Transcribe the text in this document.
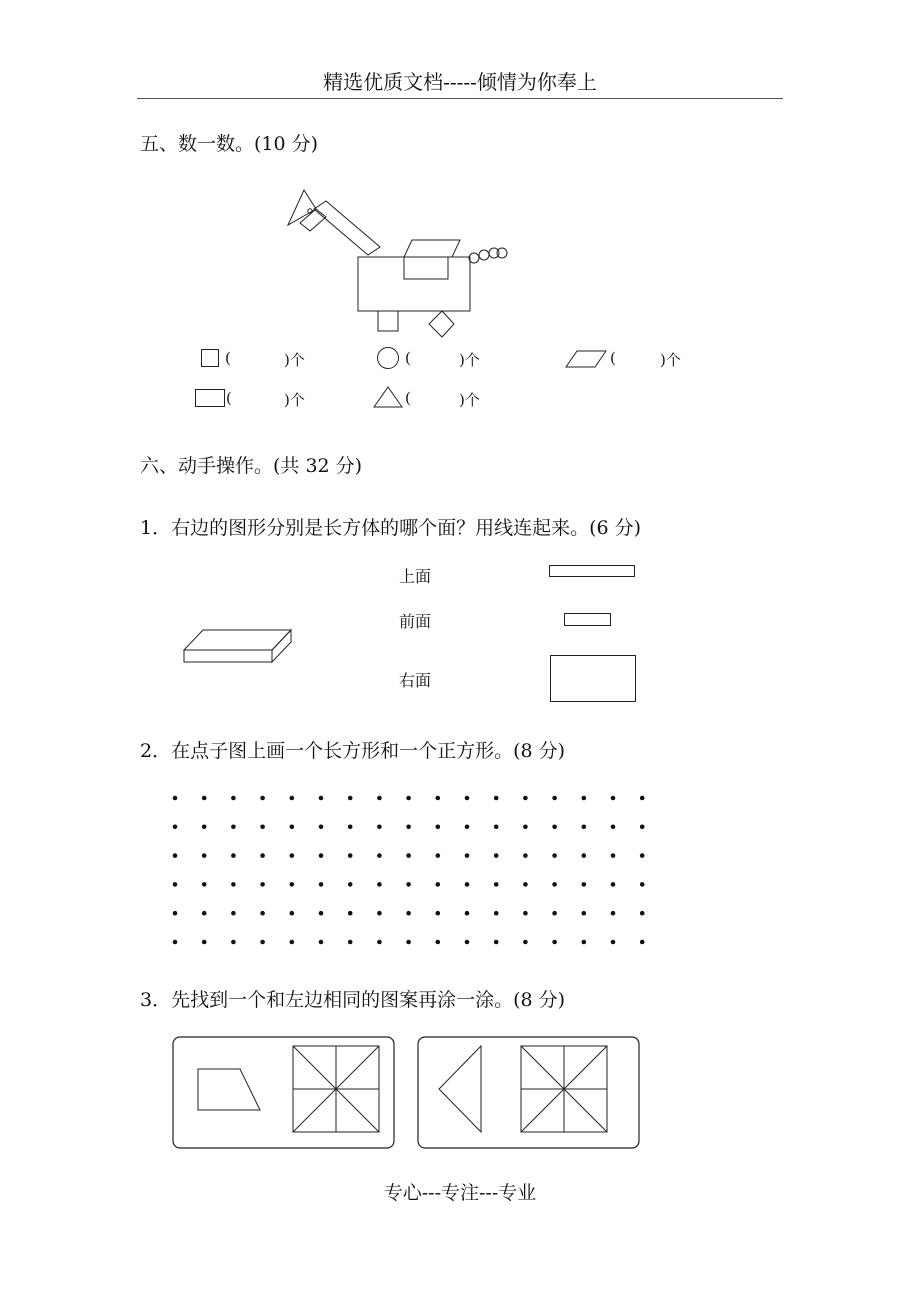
精选优质文档-----倾情为你奉上
五、数一数。(10 分)
(	)个	(	)个	(	)个
(	)个	(	)个
六、动手操作。(共 32 分)
1．右边的图形分别是长方体的哪个面？用线连起来。(6 分)
上面
前面
右面
2．在点子图上画一个长方形和一个正方形。(8 分)
3．先找到一个和左边相同的图案再涂一涂。(8 分)
专心---专注---专业
